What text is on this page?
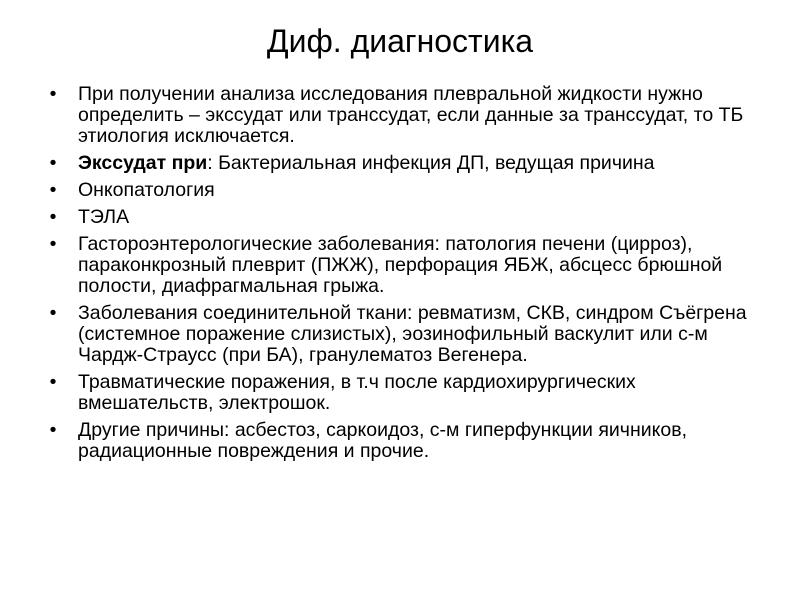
Диф. диагностика
• При получении анализа исследования плевральной жидкости нужно определить – экссудат или транссудат, если данные за транссудат, то ТБ этиология исключается.
• Экссудат при: Бактериальная инфекция ДП, ведущая причина
• Онкопатология
• ТЭЛА
• Гастороэнтерологические заболевания: патология печени (цирроз), параконкрозный плеврит (ПЖЖ), перфорация ЯБЖ, абсцесс брюшной полости, диафрагмальная грыжа.
• Заболевания соединительной ткани: ревматизм, СКВ, синдром Съёгрена (системное поражение слизистых), эозинофильный васкулит или с-м Чардж-Страусс (при БА), гранулематоз Вегенера.
• Травматические поражения, в т.ч после кардиохирургических вмешательств, электрошок.
• Другие причины: асбестоз, саркоидоз, с-м гиперфункции яичников, радиационные повреждения и прочие.
